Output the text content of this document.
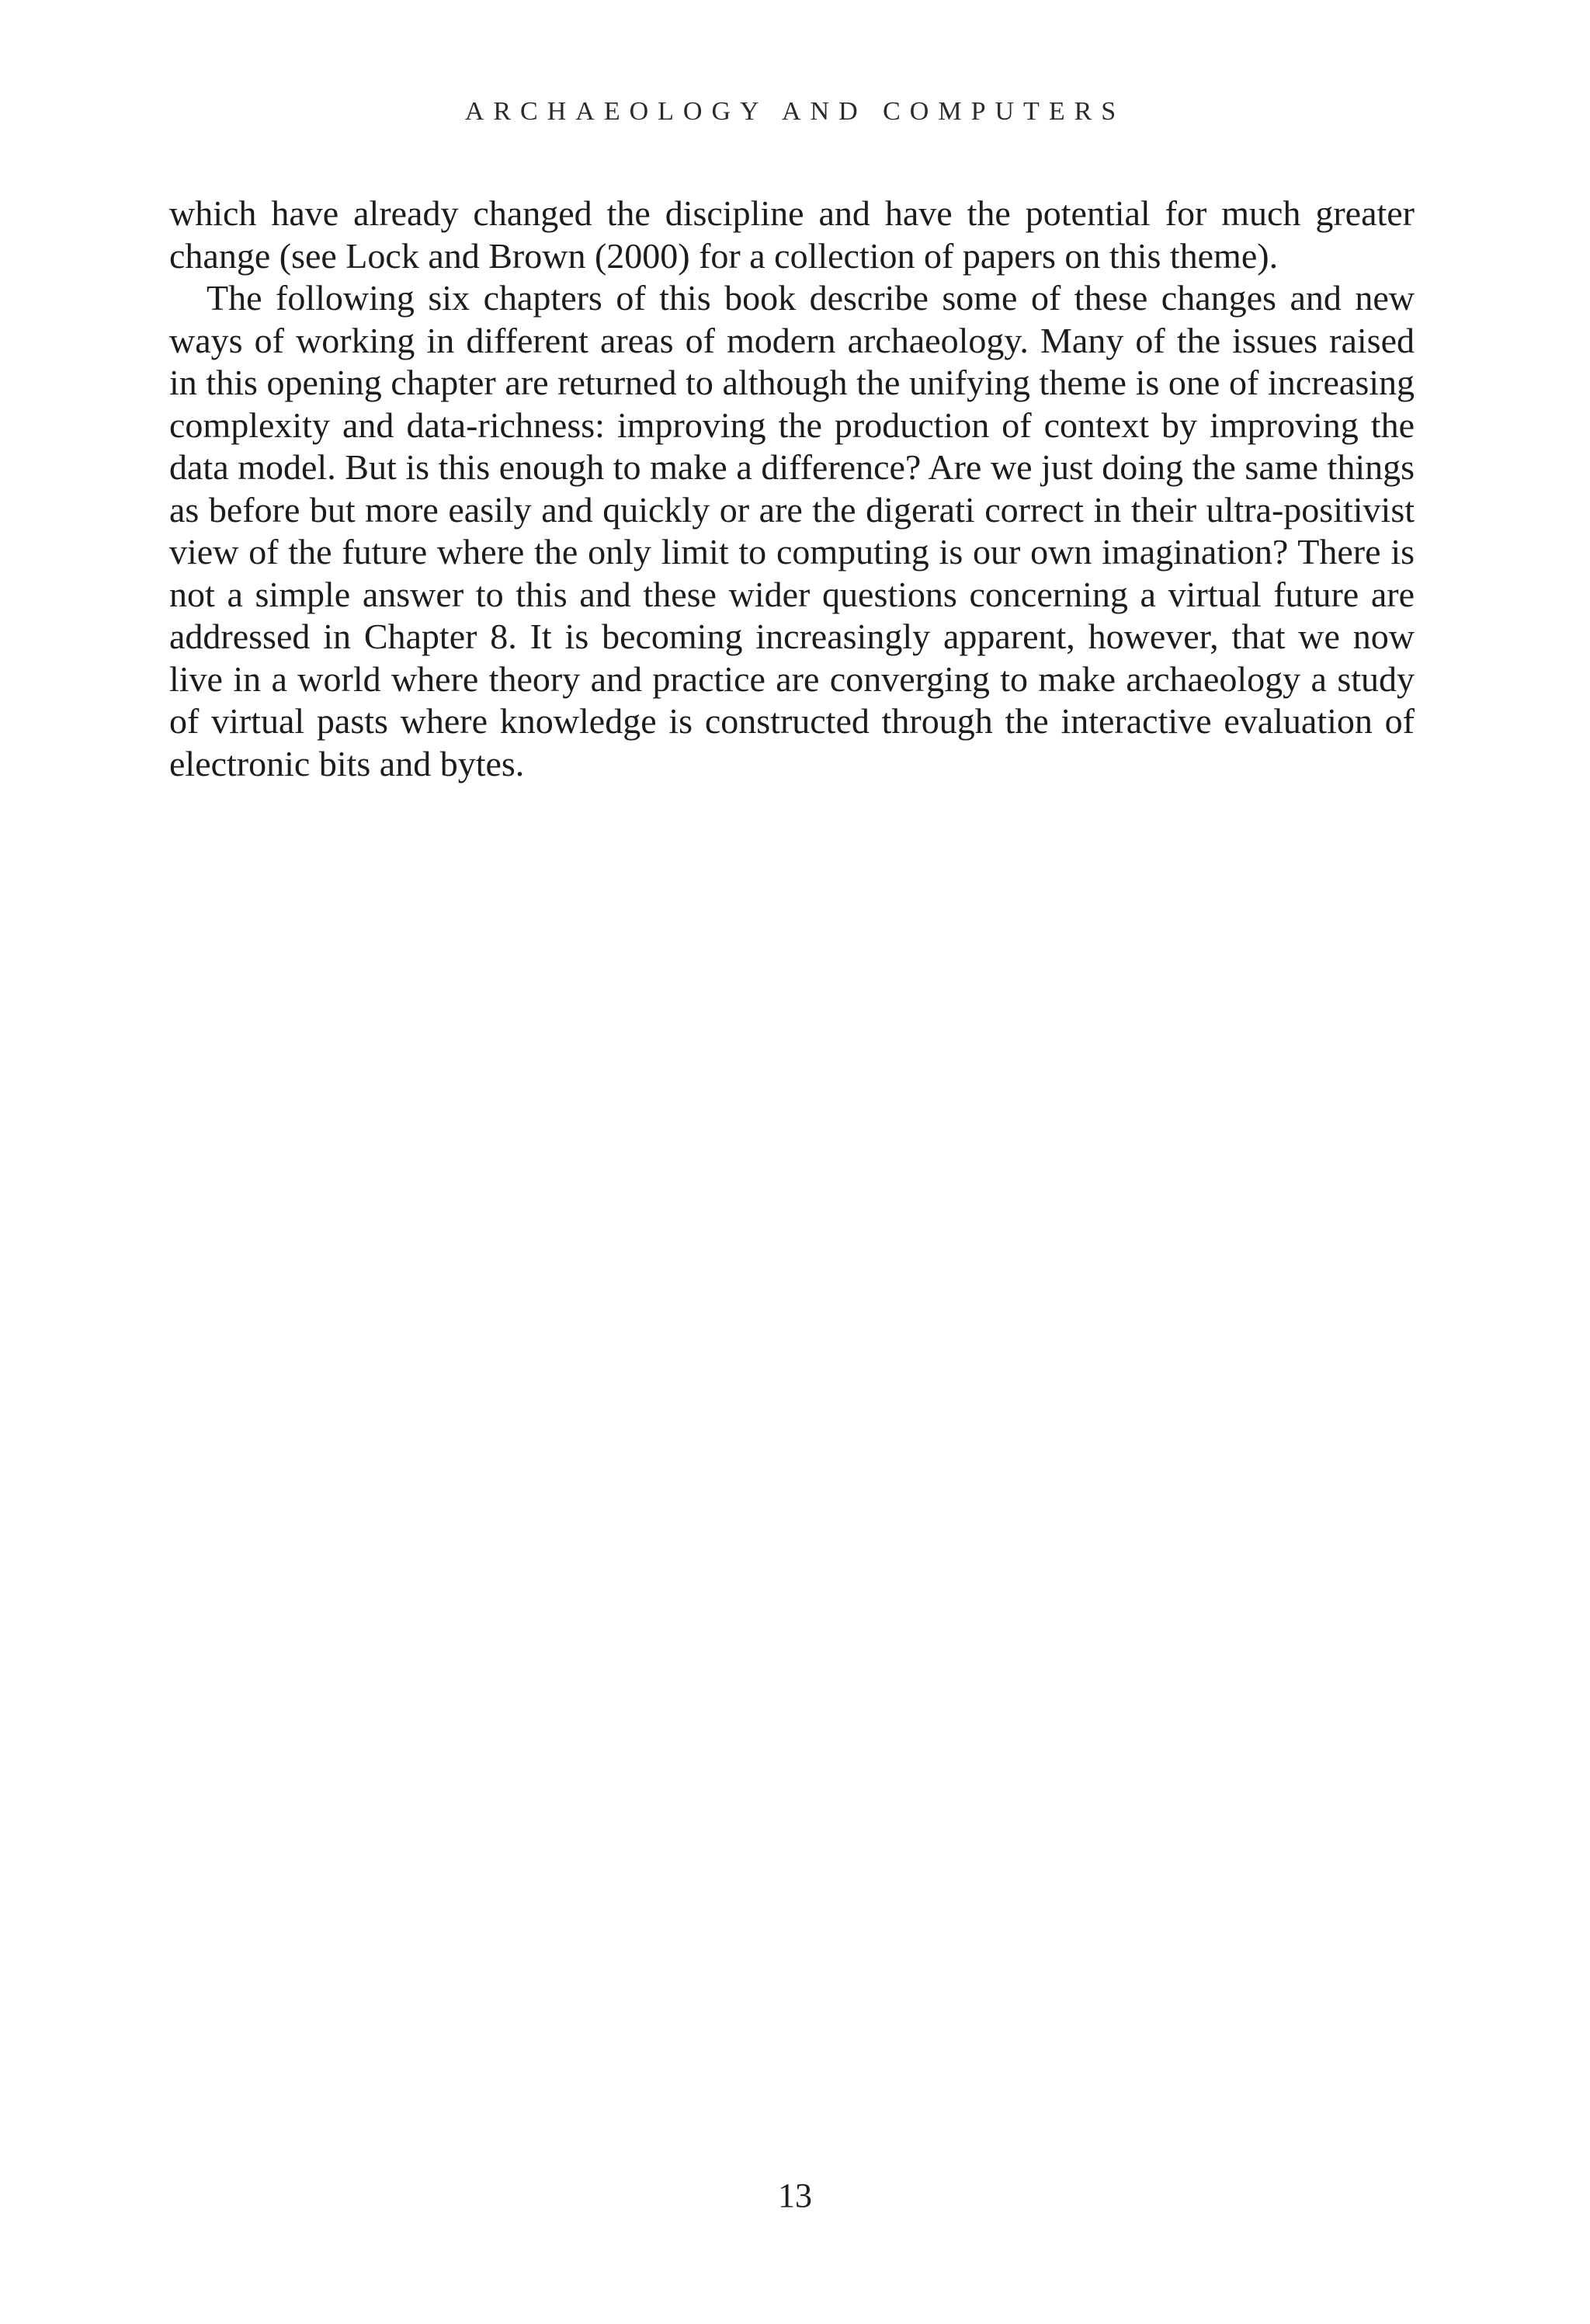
ARCHAEOLOGY AND COMPUTERS

which have already changed the discipline and have the potential for much greater change (see Lock and Brown (2000) for a collection of papers on this theme).

The following six chapters of this book describe some of these changes and new ways of working in different areas of modern archaeology. Many of the issues raised in this opening chapter are returned to although the unifying theme is one of increasing complexity and data-richness: improving the production of context by improving the data model. But is this enough to make a difference? Are we just doing the same things as before but more easily and quickly or are the digerati correct in their ultra-positivist view of the future where the only limit to computing is our own imagination? There is not a simple answer to this and these wider questions concerning a virtual future are addressed in Chapter 8. It is becoming increasingly apparent, however, that we now live in a world where theory and practice are converging to make archaeology a study of virtual pasts where knowledge is constructed through the interactive evaluation of electronic bits and bytes.

13
